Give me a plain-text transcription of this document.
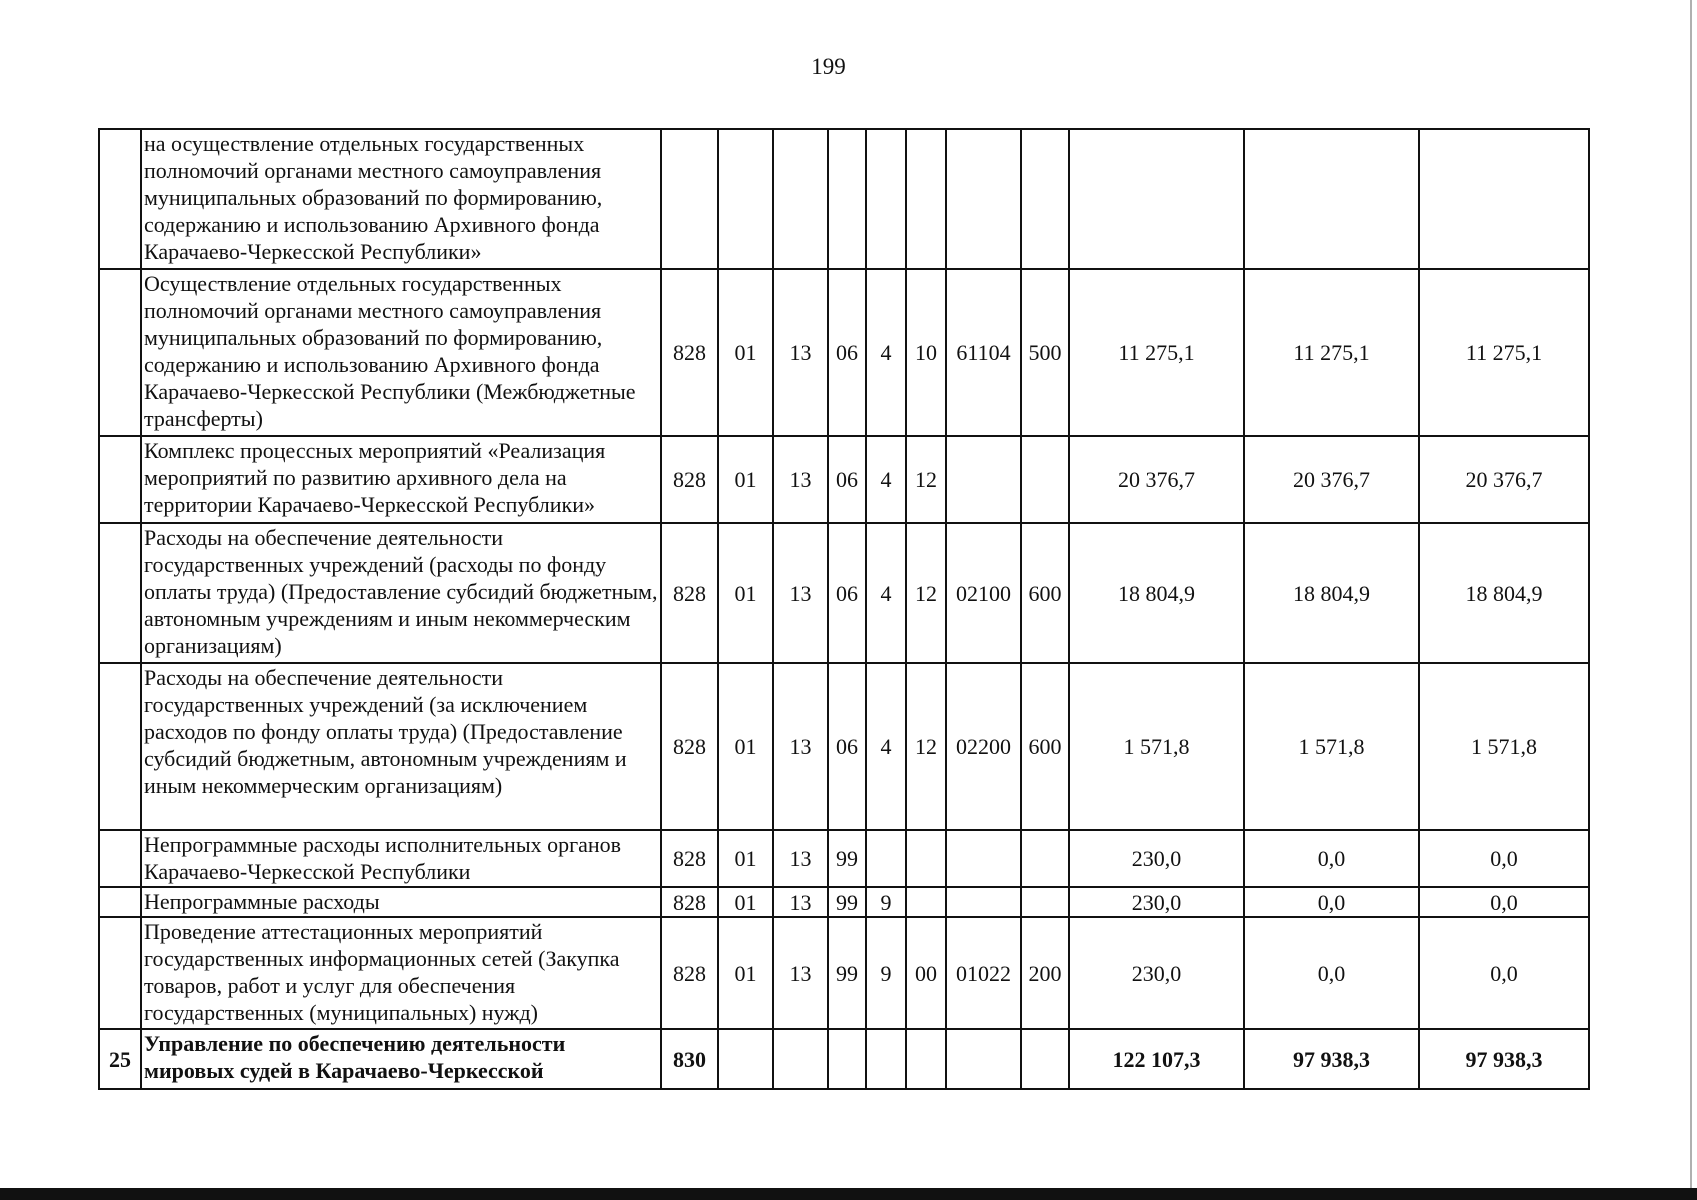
199
	на осуществление отдельных государственных полномочий органами местного самоуправления муниципальных образований по формированию, содержанию и использованию Архивного фонда Карачаево-Черкесской Республики»											
	Осуществление отдельных государственных полномочий органами местного самоуправления муниципальных образований по формированию, содержанию и использованию Архивного фонда Карачаево-Черкесской Республики (Межбюджетные трансферты)	828	01	13	06	4	10	61104	500	11 275,1	11 275,1	11 275,1
	Комплекс процессных мероприятий «Реализация мероприятий по развитию архивного дела на территории Карачаево-Черкесской Республики»	828	01	13	06	4	12			20 376,7	20 376,7	20 376,7
	Расходы на обеспечение деятельности государственных учреждений (расходы по фонду оплаты труда) (Предоставление субсидий бюджетным, автономным учреждениям и иным некоммерческим организациям)	828	01	13	06	4	12	02100	600	18 804,9	18 804,9	18 804,9
	Расходы на обеспечение деятельности государственных учреждений (за исключением расходов по фонду оплаты труда) (Предоставление субсидий бюджетным, автономным учреждениям и иным некоммерческим организациям)	828	01	13	06	4	12	02200	600	1 571,8	1 571,8	1 571,8
	Непрограммные расходы исполнительных органов Карачаево-Черкесской Республики	828	01	13	99					230,0	0,0	0,0
	Непрограммные расходы	828	01	13	99	9				230,0	0,0	0,0
	Проведение аттестационных мероприятий государственных информационных сетей (Закупка товаров, работ и услуг для обеспечения государственных (муниципальных) нужд)	828	01	13	99	9	00	01022	200	230,0	0,0	0,0
25	Управление по обеспечению деятельности мировых судей в Карачаево-Черкесской	830								122 107,3	97 938,3	97 938,3
